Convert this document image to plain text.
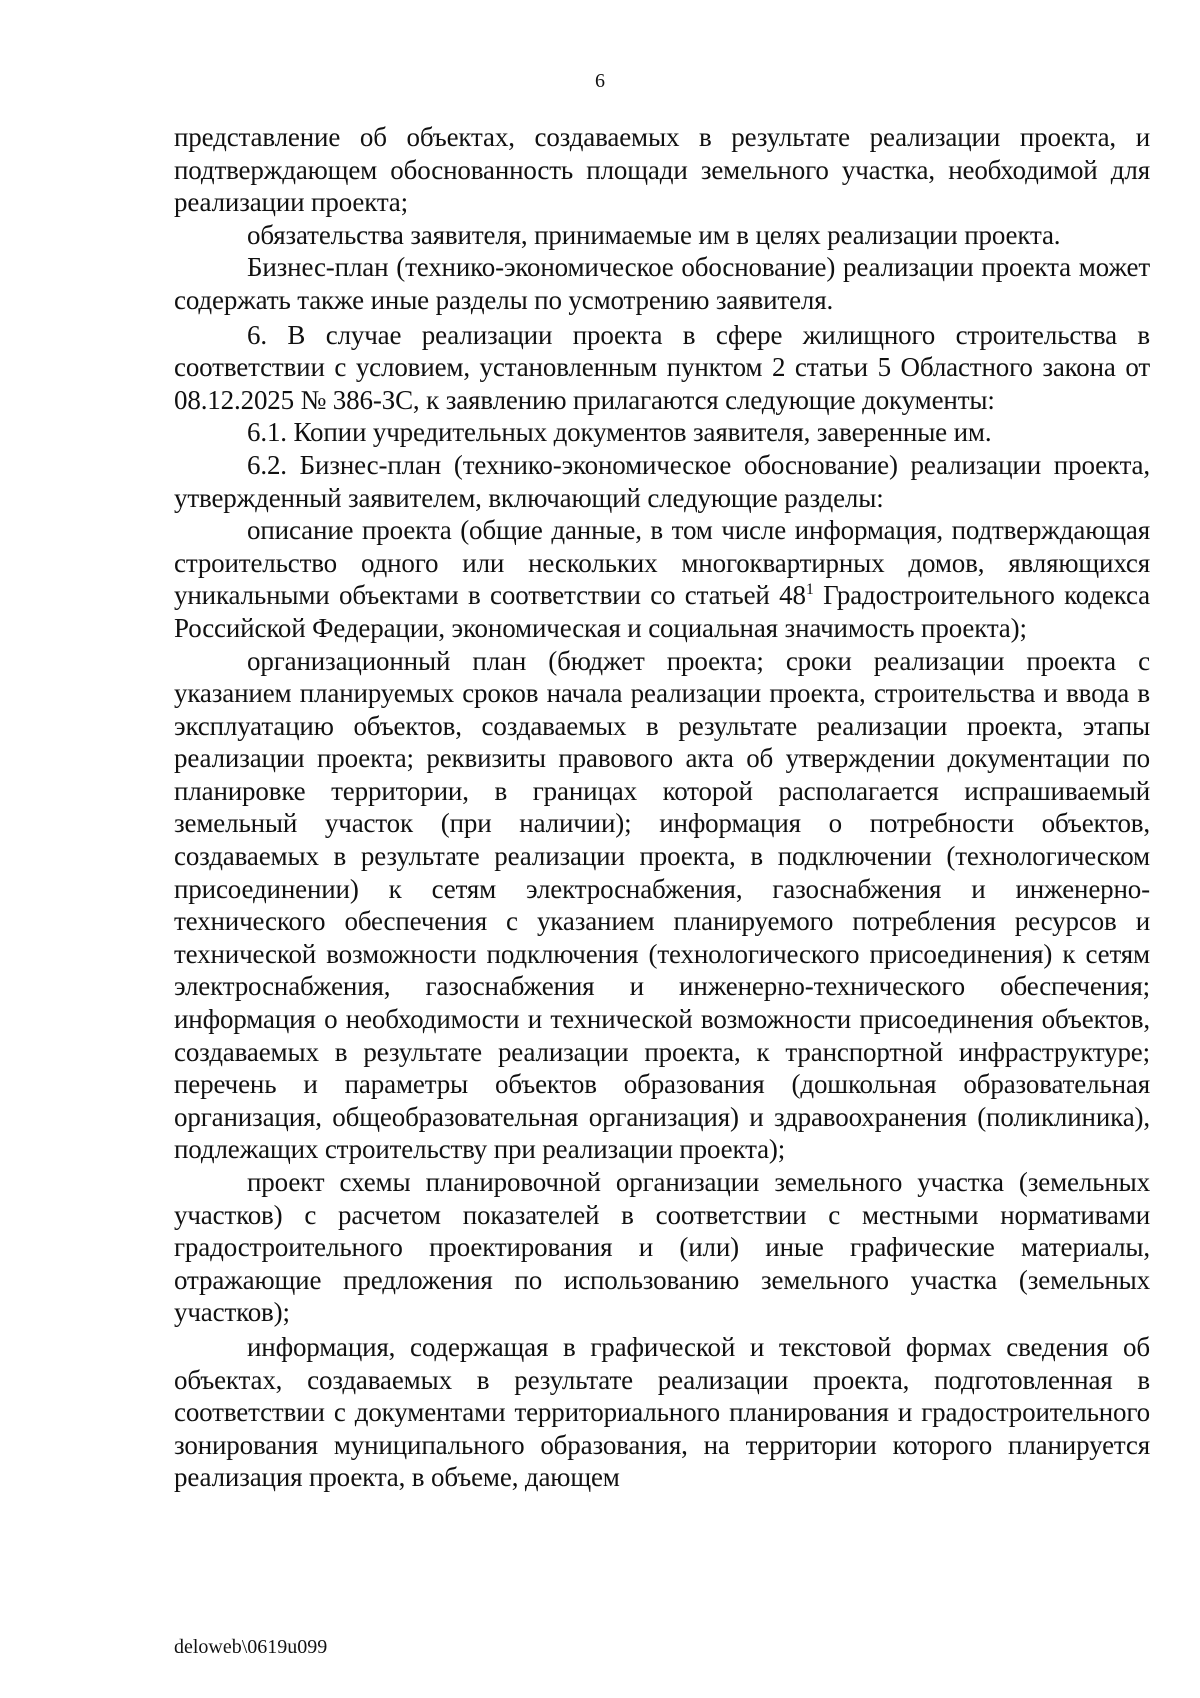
6

представление об объектах, создаваемых в результате реализации проекта, и подтверждающем обоснованность площади земельного участка, необходимой для реализации проекта;

обязательства заявителя, принимаемые им в целях реализации проекта.

Бизнес-план (технико-экономическое обоснование) реализации проекта может содержать также иные разделы по усмотрению заявителя.

6. В случае реализации проекта в сфере жилищного строительства в соответствии с условием, установленным пунктом 2 статьи 5 Областного закона от 08.12.2025 № 386-ЗС, к заявлению прилагаются следующие документы:

6.1. Копии учредительных документов заявителя, заверенные им.

6.2. Бизнес-план (технико-экономическое обоснование) реализации проекта, утвержденный заявителем, включающий следующие разделы:

описание проекта (общие данные, в том числе информация, подтверждающая строительство одного или нескольких многоквартирных домов, являющихся уникальными объектами в соответствии со статьей $48^1$ Градостроительного кодекса Российской Федерации, экономическая и социальная значимость проекта);

организационный план (бюджет проекта; сроки реализации проекта с указанием планируемых сроков начала реализации проекта, строительства и ввода в эксплуатацию объектов, создаваемых в результате реализации проекта, этапы реализации проекта; реквизиты правового акта об утверждении документации по планировке территории, в границах которой располагается испрашиваемый земельный участок (при наличии); информация о потребности объектов, создаваемых в результате реализации проекта, в подключении (технологическом присоединении) к сетям электроснабжения, газоснабжения и инженерно-технического обеспечения с указанием планируемого потребления ресурсов и технической возможности подключения (технологического присоединения) к сетям электроснабжения, газоснабжения и инженерно-технического обеспечения; информация о необходимости и технической возможности присоединения объектов, создаваемых в результате реализации проекта, к транспортной инфраструктуре; перечень и параметры объектов образования (дошкольная образовательная организация, общеобразовательная организация) и здравоохранения (поликлиника), подлежащих строительству при реализации проекта);

проект схемы планировочной организации земельного участка (земельных участков) с расчетом показателей в соответствии с местными нормативами градостроительного проектирования и (или) иные графические материалы, отражающие предложения по использованию земельного участка (земельных участков);

информация, содержащая в графической и текстовой формах сведения об объектах, создаваемых в результате реализации проекта, подготовленная в соответствии с документами территориального планирования и градостроительного зонирования муниципального образования, на территории которого планируется реализация проекта, в объеме, дающем

deloweb\0619u099
